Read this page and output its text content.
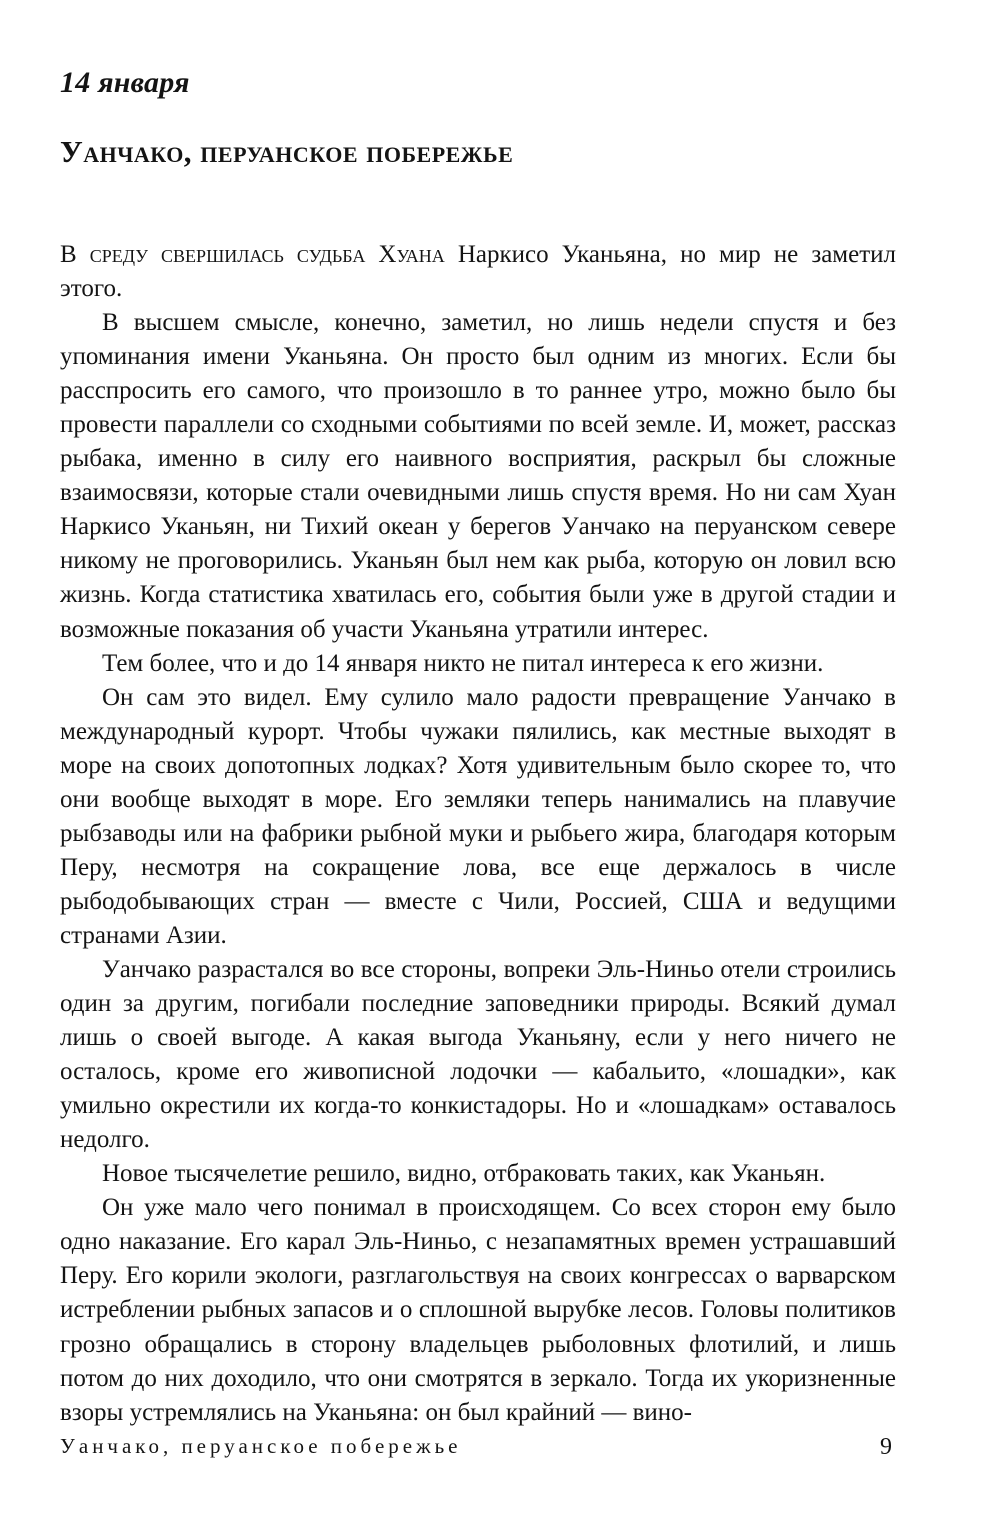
14 января
Уанчако, перуанское побережье

В среду свершилась судьба Хуана Наркисо Уканьяна, но мир не заметил этого.

В высшем смысле, конечно, заметил, но лишь недели спустя и без упоминания имени Уканьяна. Он просто был одним из многих. Если бы расспросить его самого, что произошло в то раннее утро, можно было бы провести параллели со сходными событиями по всей земле. И, может, рассказ рыбака, именно в силу его наивного восприятия, раскрыл бы сложные взаимосвязи, которые стали очевидными лишь спустя время. Но ни сам Хуан Наркисо Уканьян, ни Тихий океан у берегов Уанчако на перуанском севере никому не проговорились. Уканьян был нем как рыба, которую он ловил всю жизнь. Когда статистика хватилась его, события были уже в другой стадии и возможные показания об участи Уканьяна утратили интерес.

Тем более, что и до 14 января никто не питал интереса к его жизни.

Он сам это видел. Ему сулило мало радости превращение Уанчако в международный курорт. Чтобы чужаки пялились, как местные выходят в море на своих допотопных лодках? Хотя удивительным было скорее то, что они вообще выходят в море. Его земляки теперь нанимались на плавучие рыбзаводы или на фабрики рыбной муки и рыбьего жира, благодаря которым Перу, несмотря на сокращение лова, все еще держалось в числе рыбодобывающих стран — вместе с Чили, Россией, США и ведущими странами Азии.

Уанчако разрастался во все стороны, вопреки Эль-Ниньо отели строились один за другим, погибали последние заповедники природы. Всякий думал лишь о своей выгоде. А какая выгода Уканьяну, если у него ничего не осталось, кроме его живописной лодочки — кабальито, «лошадки», как умильно окрестили их когда-то конкистадоры. Но и «лошадкам» оставалось недолго.

Новое тысячелетие решило, видно, отбраковать таких, как Уканьян.

Он уже мало чего понимал в происходящем. Со всех сторон ему было одно наказание. Его карал Эль-Ниньо, с незапамятных времен устрашавший Перу. Его корили экологи, разглагольствуя на своих конгрессах о варварском истреблении рыбных запасов и о сплошной вырубке лесов. Головы политиков грозно обращались в сторону владельцев рыболовных флотилий, и лишь потом до них доходило, что они смотрятся в зеркало. Тогда их укоризненные взоры устремлялись на Уканьяна: он был крайний — вино-

Уанчако, перуанское побережье	9
